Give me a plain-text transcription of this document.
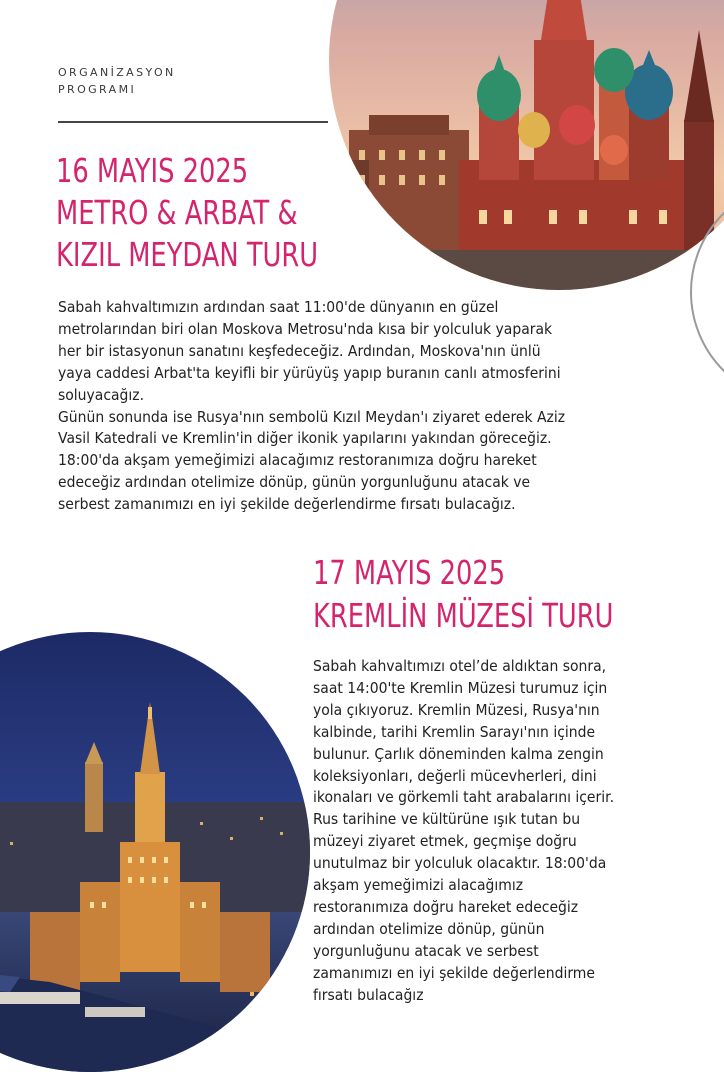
ORGANİZASYON
PROGRAMI

16 MAYIS 2025
METRO & ARBAT &
KIZIL MEYDAN TURU

Sabah kahvaltımızın ardından saat 11:00'de dünyanın en güzel
metrolarından biri olan Moskova Metrosu'nda kısa bir yolculuk yaparak
her bir istasyonun sanatını keşfedeceğiz. Ardından, Moskova'nın ünlü
yaya caddesi Arbat'ta keyifli bir yürüyüş yapıp buranın canlı atmosferini
soluyacağız.
Günün sonunda ise Rusya'nın sembolü Kızıl Meydan'ı ziyaret ederek Aziz
Vasil Katedrali ve Kremlin'in diğer ikonik yapılarını yakından göreceğiz.
18:00'da akşam yemeğimizi alacağımız restoranımıza doğru hareket
edeceğiz ardından otelimize dönüp, günün yorgunluğunu atacak ve
serbest zamanımızı en iyi şekilde değerlendirme fırsatı bulacağız.

17 MAYIS 2025
KREMLİN MÜZESİ TURU

Sabah kahvaltımızı otel’de aldıktan sonra,
saat 14:00'te Kremlin Müzesi turumuz için
yola çıkıyoruz. Kremlin Müzesi, Rusya'nın
kalbinde, tarihi Kremlin Sarayı'nın içinde
bulunur. Çarlık döneminden kalma zengin
koleksiyonları, değerli mücevherleri, dini
ikonaları ve görkemli taht arabalarını içerir.
Rus tarihine ve kültürüne ışık tutan bu
müzeyi ziyaret etmek, geçmişe doğru
unutulmaz bir yolculuk olacaktır. 18:00'da
akşam yemeğimizi alacağımız
restoranımıza doğru hareket edeceğiz
ardından otelimize dönüp, günün
yorgunluğunu atacak ve serbest
zamanımızı en iyi şekilde değerlendirme
fırsatı bulacağız
